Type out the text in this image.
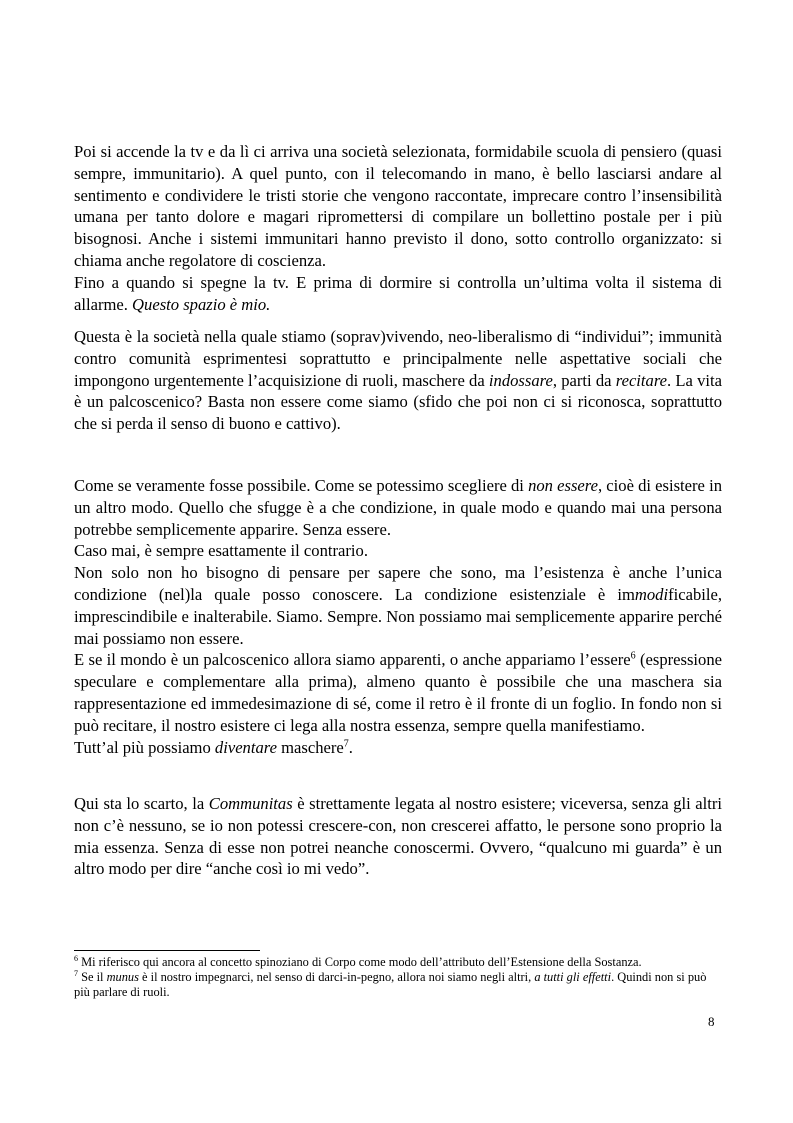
Poi si accende la tv e da lì ci arriva una società selezionata, formidabile scuola di pensiero (quasi sempre, immunitario). A quel punto, con il telecomando in mano, è bello lasciarsi andare al sentimento e condividere le tristi storie che vengono raccontate, imprecare contro l’insensibilità umana per tanto dolore e magari ripromettersi di compilare un bollettino postale per i più bisognosi. Anche i sistemi immunitari hanno previsto il dono, sotto controllo organizzato: si chiama anche regolatore di coscienza.

Fino a quando si spegne la tv. E prima di dormire si controlla un’ultima volta il sistema di allarme. Questo spazio è mio.

Questa è la società nella quale stiamo (soprav)vivendo, neo-liberalismo di “individui”; immunità contro comunità esprimentesi soprattutto e principalmente nelle aspettative sociali che impongono urgentemente l’acquisizione di ruoli, maschere da indossare, parti da recitare. La vita è un palcoscenico? Basta non essere come siamo (sfido che poi non ci si riconosca, soprattutto che si perda il senso di buono e cattivo).

Come se veramente fosse possibile. Come se potessimo scegliere di non essere, cioè di esistere in un altro modo. Quello che sfugge è a che condizione, in quale modo e quando mai una persona potrebbe semplicemente apparire. Senza essere.

Caso mai, è sempre esattamente il contrario.

Non solo non ho bisogno di pensare per sapere che sono, ma l’esistenza è anche l’unica condizione (nel)la quale posso conoscere. La condizione esistenziale è immodificabile, imprescindibile e inalterabile. Siamo. Sempre. Non possiamo mai semplicemente apparire perché mai possiamo non essere.

E se il mondo è un palcoscenico allora siamo apparenti, o anche appariamo l’essere$^6$ (espressione speculare e complementare alla prima), almeno quanto è possibile che una maschera sia rappresentazione ed immedesimazione di sé, come il retro è il fronte di un foglio. In fondo non si può recitare, il nostro esistere ci lega alla nostra essenza, sempre quella manifestiamo.

Tutt’al più possiamo diventare maschere$^7$.

Qui sta lo scarto, la Communitas è strettamente legata al nostro esistere; viceversa, senza gli altri non c’è nessuno, se io non potessi crescere-con, non crescerei affatto, le persone sono proprio la mia essenza. Senza di esse non potrei neanche conoscermi. Ovvero, “qualcuno mi guarda” è un altro modo per dire “anche così io mi vedo”.

$^6$ Mi riferisco qui ancora al concetto spinoziano di Corpo come modo dell’attributo dell’Estensione della Sostanza.

$^7$ Se il munus è il nostro impegnarci, nel senso di darci-in-pegno, allora noi siamo negli altri, a tutti gli effetti. Quindi non si può più parlare di ruoli.

8
